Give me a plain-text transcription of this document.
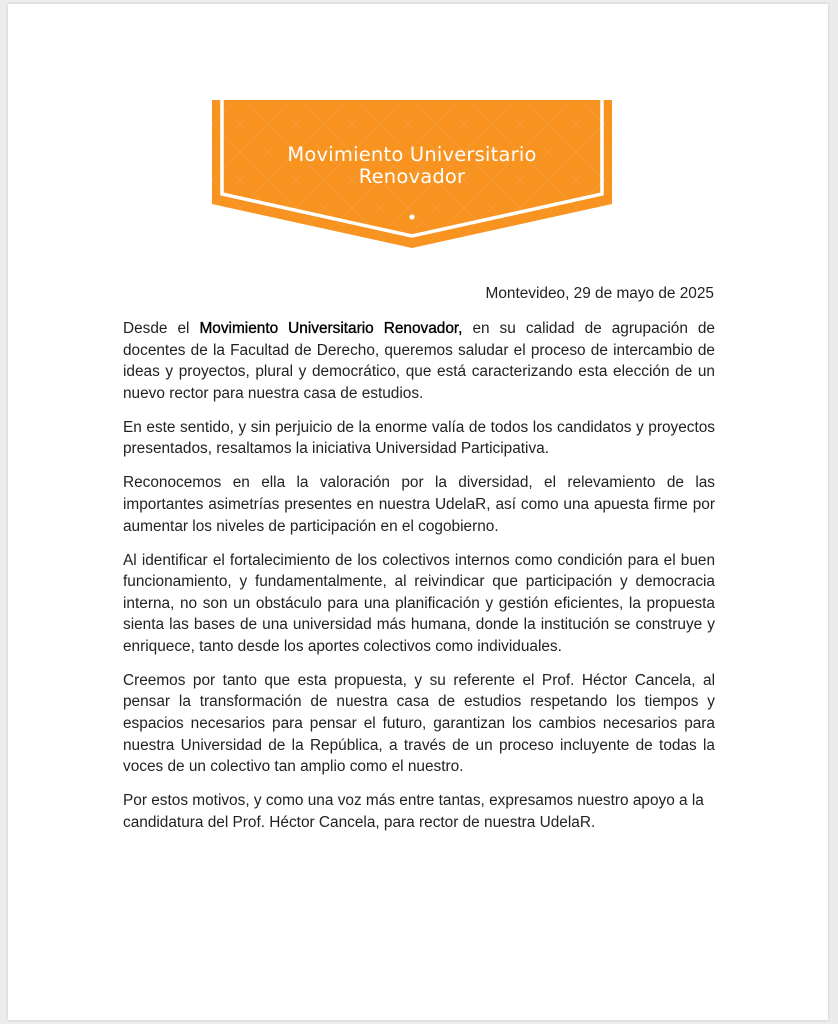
Movimiento Universitario
Renovador
Montevideo, 29 de mayo de 2025

Desde el Movimiento Universitario Renovador, en su calidad de agrupación de docentes de la Facultad de Derecho, queremos saludar el proceso de intercambio de ideas y proyectos, plural y democrático, que está caracterizando esta elección de un nuevo rector para nuestra casa de estudios.

En este sentido, y sin perjuicio de la enorme valía de todos los candidatos y proyectos presentados, resaltamos la iniciativa Universidad Participativa.

Reconocemos en ella la valoración por la diversidad, el relevamiento de las importantes asimetrías presentes en nuestra UdelaR, así como una apuesta firme por aumentar los niveles de participación en el cogobierno.

Al identificar el fortalecimiento de los colectivos internos como condición para el buen funcionamiento, y fundamentalmente, al reivindicar que participación y democracia interna, no son un obstáculo para una planificación y gestión eficientes, la propuesta sienta las bases de una universidad más humana, donde la institución se construye y enriquece, tanto desde los aportes colectivos como individuales.

Creemos por tanto que esta propuesta, y su referente el Prof. Héctor Cancela, al pensar la transformación de nuestra casa de estudios respetando los tiempos y espacios necesarios para pensar el futuro, garantizan los cambios necesarios para nuestra Universidad de la República, a través de un proceso incluyente de todas la voces de un colectivo tan amplio como el nuestro.

Por estos motivos, y como una voz más entre tantas, expresamos nuestro apoyo a la candidatura del Prof. Héctor Cancela, para rector de nuestra UdelaR.
